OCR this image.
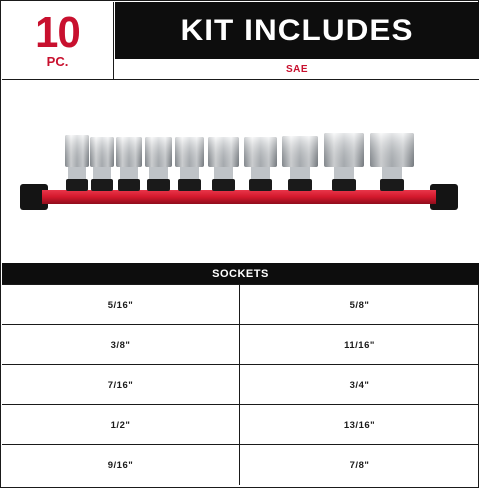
10
PC.
KIT INCLUDES
SAE
SOCKETS
5/16"	5/8"
3/8"	11/16"
7/16"	3/4"
1/2"	13/16"
9/16"	7/8"
